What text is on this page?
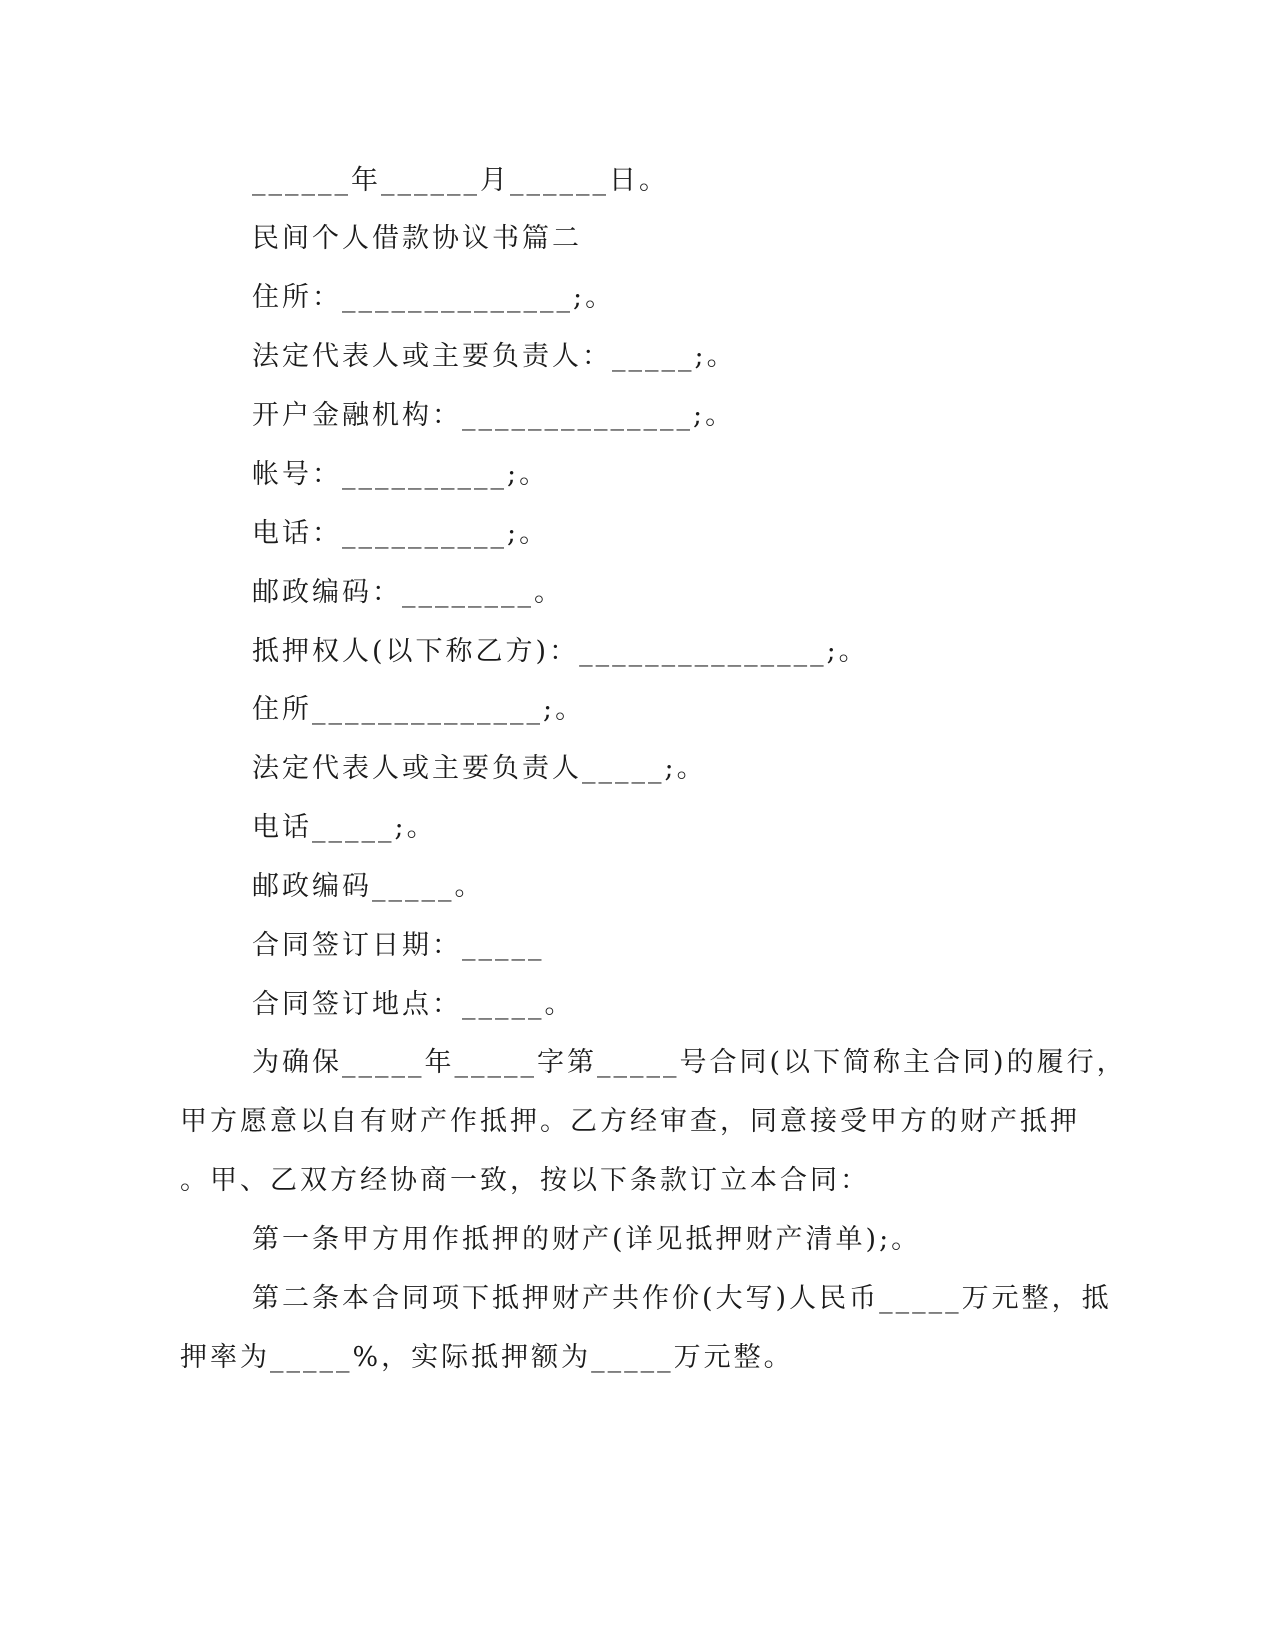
______年______月______日。
民间个人借款协议书篇二
住所：______________;。
法定代表人或主要负责人：_____;。
开户金融机构：______________;。
帐号：__________;。
电话：__________;。
邮政编码：________。
抵押权人(以下称乙方)：_______________;。
住所______________;。
法定代表人或主要负责人_____;。
电话_____;。
邮政编码_____。
合同签订日期：_____
合同签订地点：_____。
为确保_____年_____字第_____号合同(以下简称主合同)的履行，
甲方愿意以自有财产作抵押。乙方经审查，同意接受甲方的财产抵押
。甲、乙双方经协商一致，按以下条款订立本合同：
第一条甲方用作抵押的财产(详见抵押财产清单);。
第二条本合同项下抵押财产共作价(大写)人民币_____万元整，抵
押率为_____%，实际抵押额为_____万元整。
